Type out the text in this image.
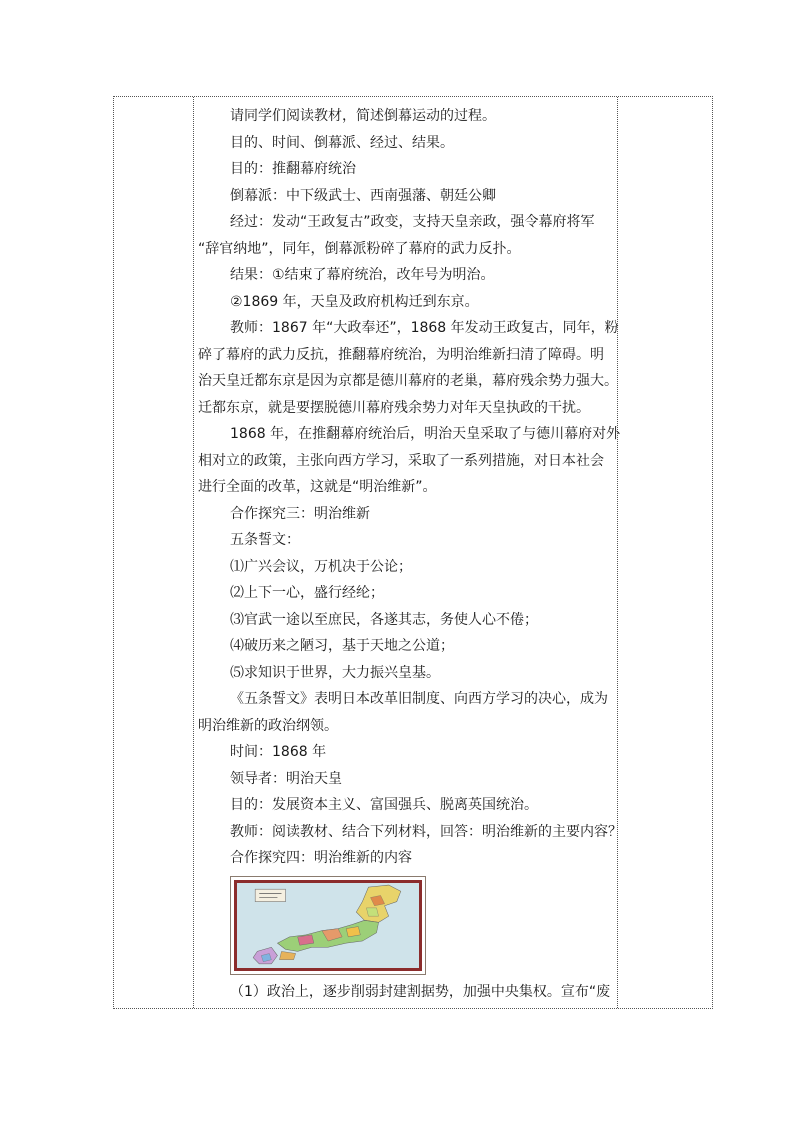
请同学们阅读教材，简述倒幕运动的过程。
目的、时间、倒幕派、经过、结果。
目的：推翻幕府统治
倒幕派：中下级武士、西南强藩、朝廷公卿
经过：发动“王政复古”政变，支持天皇亲政，强令幕府将军
“辞官纳地”，同年，倒幕派粉碎了幕府的武力反扑。
结果：①结束了幕府统治，改年号为明治。
②1869 年，天皇及政府机构迁到东京。
教师：1867 年“大政奉还”，1868 年发动王政复古，同年，粉
碎了幕府的武力反抗，推翻幕府统治，为明治维新扫清了障碍。明
治天皇迁都东京是因为京都是德川幕府的老巢，幕府残余势力强大。
迁都东京，就是要摆脱德川幕府残余势力对年天皇执政的干扰。
1868 年，在推翻幕府统治后，明治天皇采取了与德川幕府对外
相对立的政策，主张向西方学习，采取了一系列措施，对日本社会
进行全面的改革，这就是“明治维新”。
合作探究三：明治维新
五条誓文：
⑴广兴会议，万机决于公论；
⑵上下一心，盛行经纶；
⑶官武一途以至庶民，各遂其志，务使人心不倦；
⑷破历来之陋习，基于天地之公道；
⑸求知识于世界，大力振兴皇基。
《五条誓文》表明日本改革旧制度、向西方学习的决心，成为
明治维新的政治纲领。
时间：1868 年
领导者：明治天皇
目的：发展资本主义、富国强兵、脱离英国统治。
教师：阅读教材、结合下列材料，回答：明治维新的主要内容？
合作探究四：明治维新的内容
（1）政治上，逐步削弱封建割据势，加强中央集权。宣布“废
